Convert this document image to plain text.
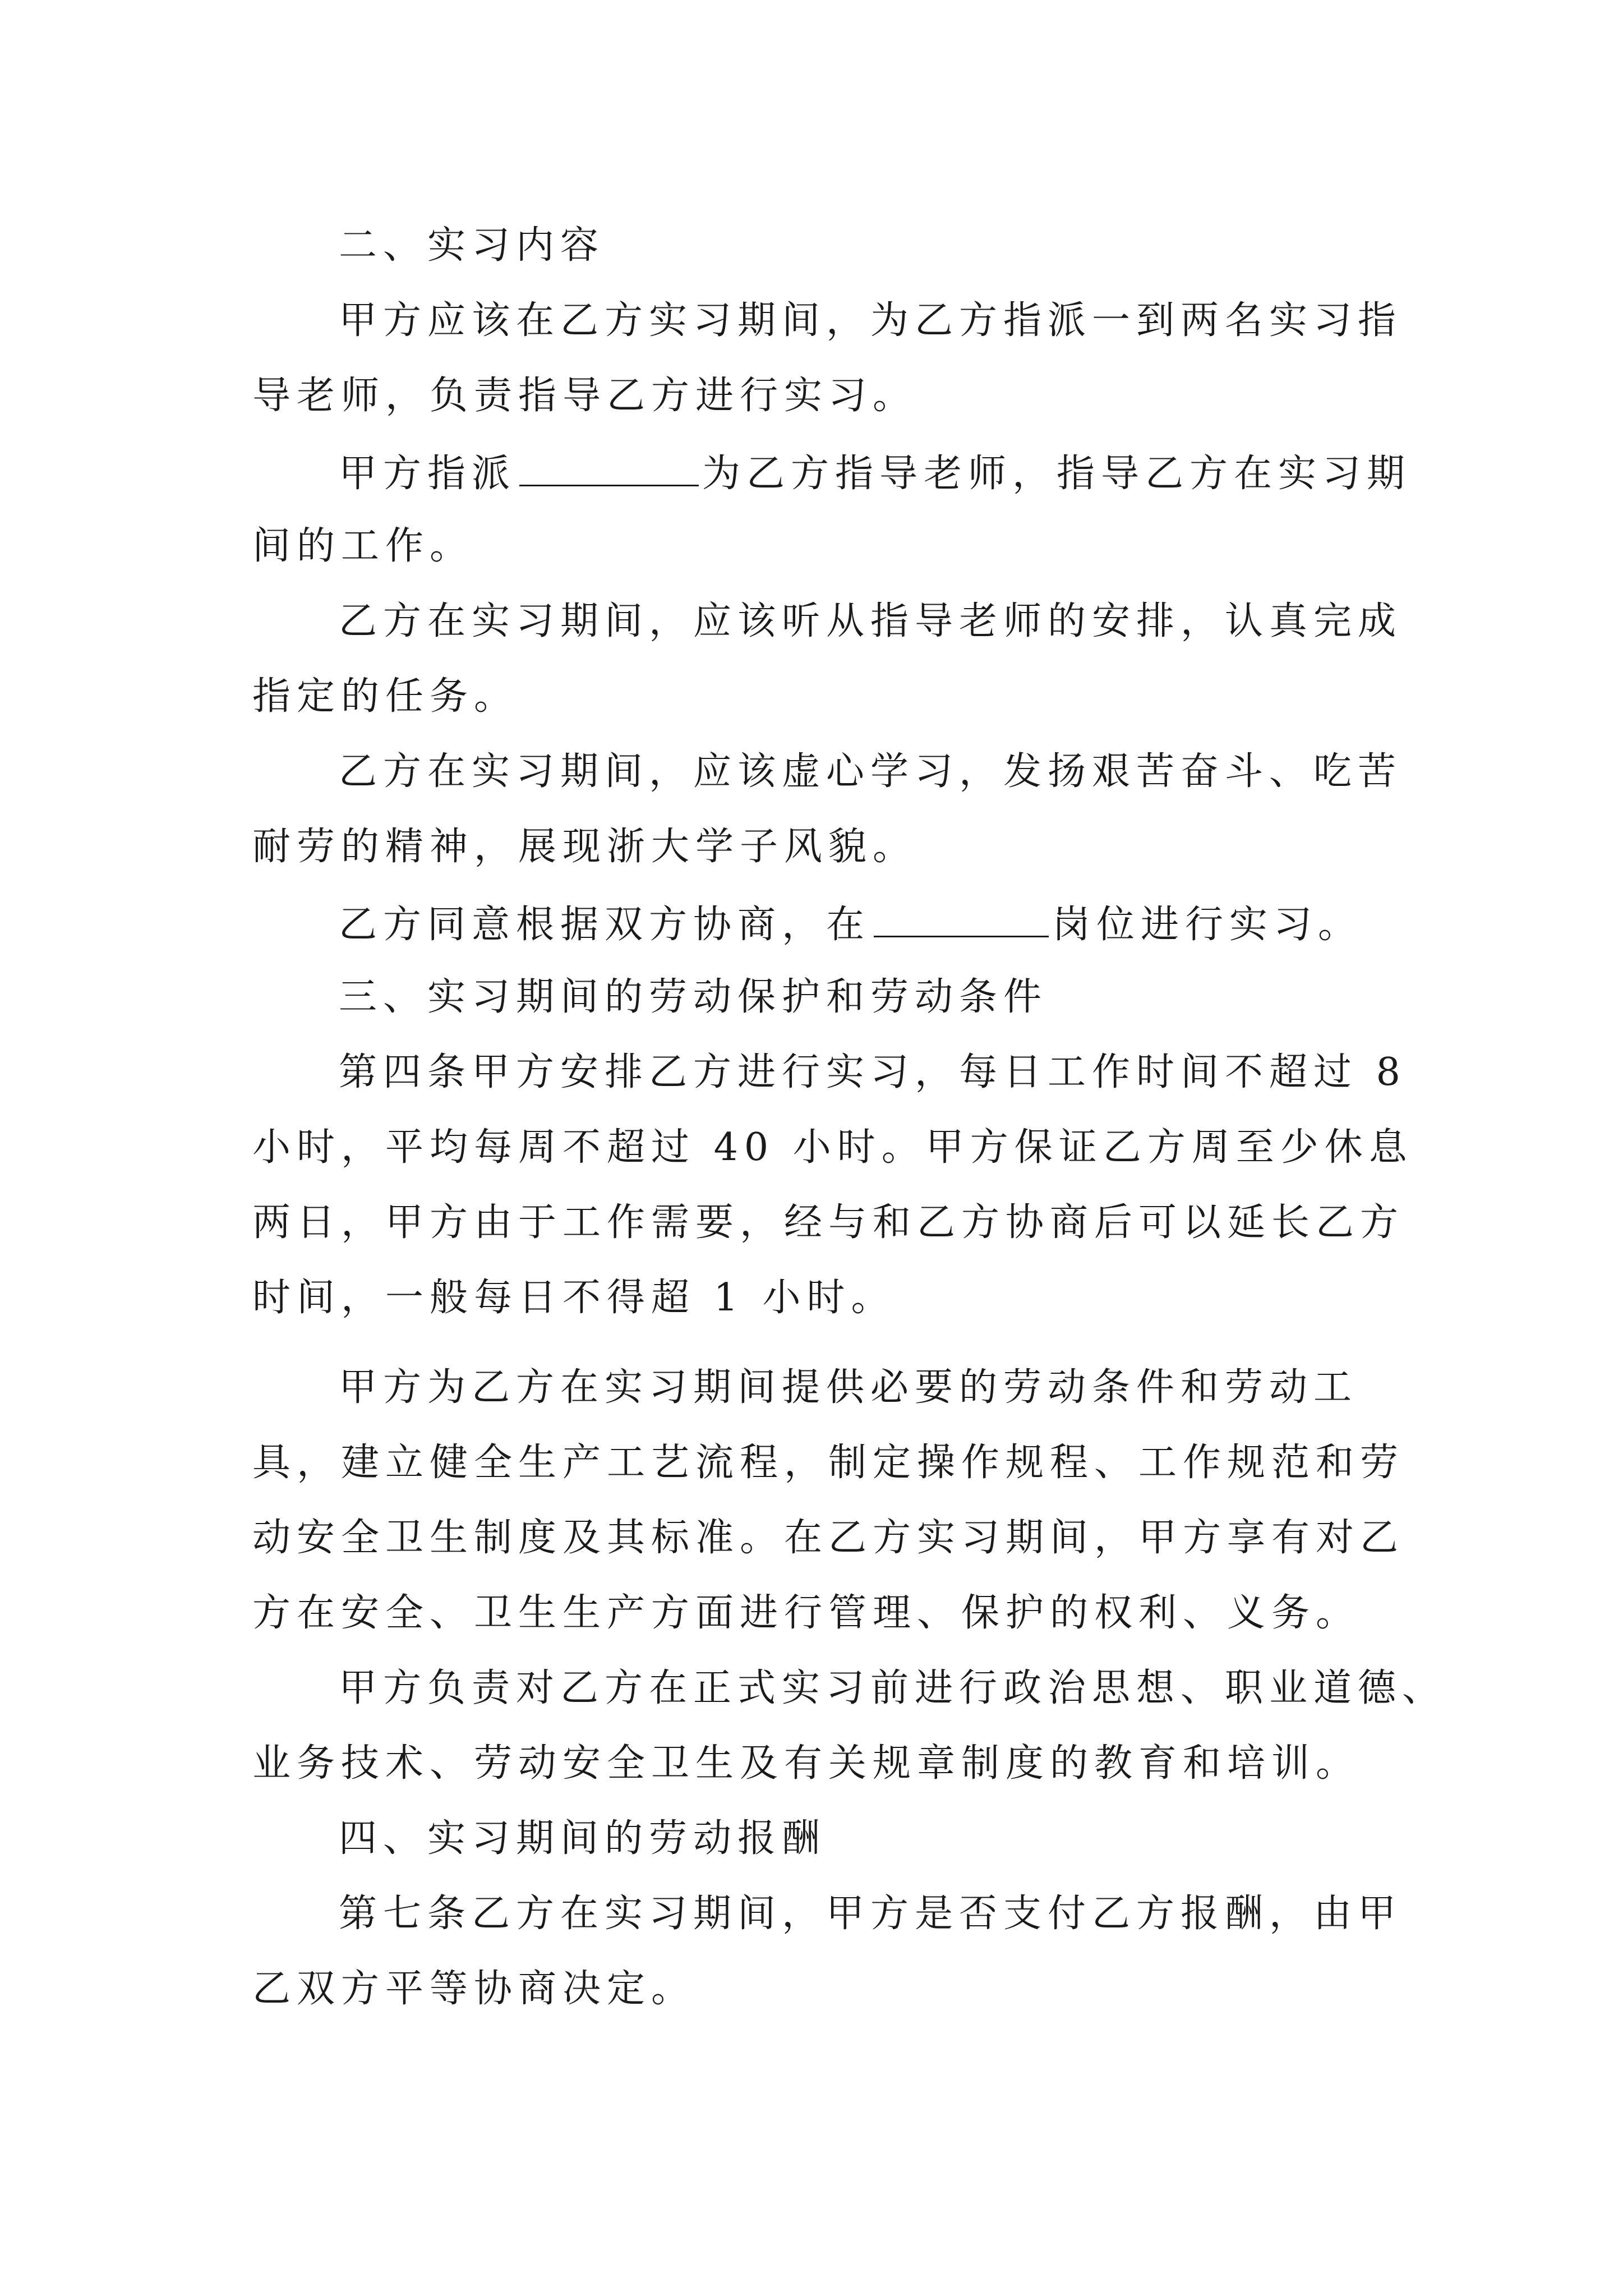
二、实习内容
甲方应该在乙方实习期间，为乙方指派一到两名实习指
导老师，负责指导乙方进行实习。
甲方指派	为乙方指导老师，指导乙方在实习期
间的工作。
乙方在实习期间，应该听从指导老师的安排，认真完成
指定的任务。
乙方在实习期间，应该虚心学习，发扬艰苦奋斗、吃苦
耐劳的精神，展现浙大学子风貌。
乙方同意根据双方协商，在	岗位进行实习。
三、实习期间的劳动保护和劳动条件
第四条甲方安排乙方进行实习，每日工作时间不超过 8
小时，平均每周不超过 40 小时。甲方保证乙方周至少休息
两日，甲方由于工作需要，经与和乙方协商后可以延长乙方
时间，一般每日不得超 1 小时。
甲方为乙方在实习期间提供必要的劳动条件和劳动工
具，建立健全生产工艺流程，制定操作规程、工作规范和劳
动安全卫生制度及其标准。在乙方实习期间，甲方享有对乙
方在安全、卫生生产方面进行管理、保护的权利、义务。
甲方负责对乙方在正式实习前进行政治思想、职业道德、
业务技术、劳动安全卫生及有关规章制度的教育和培训。
四、实习期间的劳动报酬
第七条乙方在实习期间，甲方是否支付乙方报酬，由甲
乙双方平等协商决定。
